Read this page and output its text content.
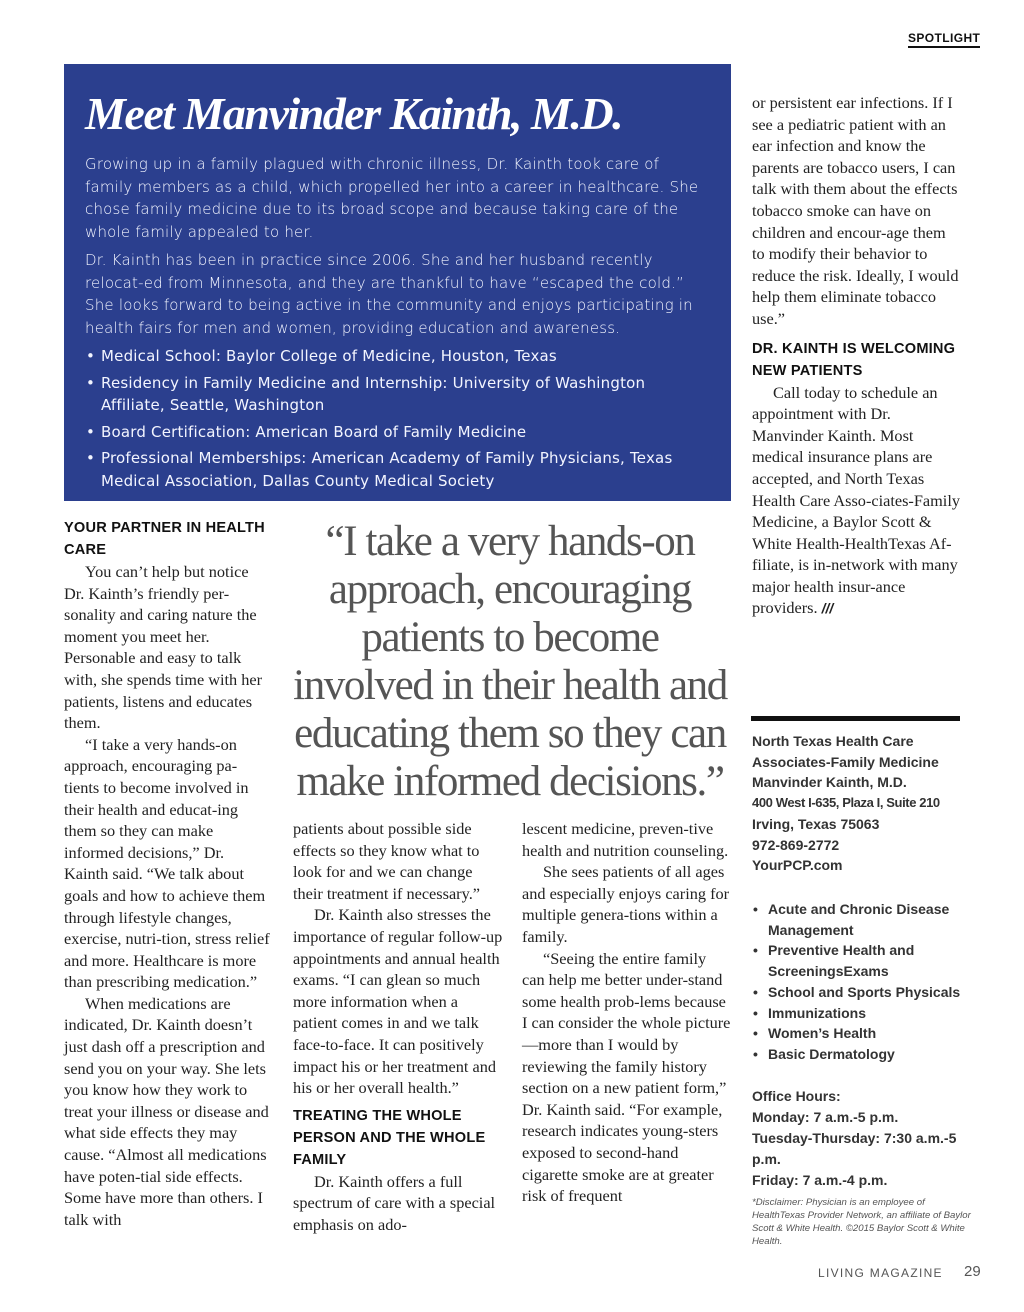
SPOTLIGHT
Meet Manvinder Kainth, M.D.

Growing up in a family plagued with chronic illness, Dr. Kainth took care of family members as a child, which propelled her into a career in healthcare. She chose family medicine due to its broad scope and because taking care of the whole family appealed to her.

Dr. Kainth has been in practice since 2006. She and her husband recently relocat-ed from Minnesota, and they are thankful to have “escaped the cold.” She looks forward to being active in the community and enjoys participating in health fairs for men and women, providing education and awareness.

• Medical School: Baylor College of Medicine, Houston, Texas
• Residency in Family Medicine and Internship: University of Washington Affiliate, Seattle, Washington
• Board Certification: American Board of Family Medicine
• Professional Memberships: American Academy of Family Physicians, Texas Medical Association, Dallas County Medical Society
YOUR PARTNER IN HEALTH CARE

You can’t help but notice Dr. Kainth’s friendly per-sonality and caring nature the moment you meet her. Personable and easy to talk with, she spends time with her patients, listens and educates them.

“I take a very hands-on approach, encouraging pa-tients to become involved in their health and educat-ing them so they can make informed decisions,” Dr. Kainth said. “We talk about goals and how to achieve them through lifestyle changes, exercise, nutri-tion, stress relief and more. Healthcare is more than prescribing medication.”

When medications are indicated, Dr. Kainth doesn’t just dash off a prescription and send you on your way. She lets you know how they work to treat your illness or disease and what side effects they may cause. “Almost all medications have poten-tial side effects. Some have more than others. I talk with

“I take a very hands-on approach, encouraging patients to become involved in their health and educating them so they can make informed decisions.”

patients about possible side effects so they know what to look for and we can change their treatment if necessary.”

Dr. Kainth also stresses the importance of regular follow-up appointments and annual health exams. “I can glean so much more information when a patient comes in and we talk face-to-face. It can positively impact his or her treatment and his or her overall health.”

TREATING THE WHOLE PERSON AND THE WHOLE FAMILY

Dr. Kainth offers a full spectrum of care with a special emphasis on ado-

lescent medicine, preven-tive health and nutrition counseling.

She sees patients of all ages and especially enjoys caring for multiple genera-tions within a family.

“Seeing the entire family can help me better under-stand some health prob-lems because I can consider the whole picture—more than I would by reviewing the family history section on a new patient form,” Dr. Kainth said. “For example, research indicates young-sters exposed to second-hand cigarette smoke are at greater risk of frequent

or persistent ear infections. If I see a pediatric patient with an ear infection and know the parents are tobacco users, I can talk with them about the effects tobacco smoke can have on children and encour-age them to modify their behavior to reduce the risk. Ideally, I would help them eliminate tobacco use.”

DR. KAINTH IS WELCOMING NEW PATIENTS

Call today to schedule an appointment with Dr. Manvinder Kainth. Most medical insurance plans are accepted, and North Texas Health Care Asso-ciates-Family Medicine, a Baylor Scott & White Health-HealthTexas Af-filiate, is in-network with many major health insur-ance providers. ///

North Texas Health Care
Associates-Family Medicine
Manvinder Kainth, M.D.
400 West I-635, Plaza I, Suite 210
Irving, Texas 75063
972-869-2772
YourPCP.com
• Acute and Chronic Disease Management
• Preventive Health and ScreeningsExams
• School and Sports Physicals
• Immunizations
• Women’s Health
• Basic Dermatology
Office Hours:
Monday: 7 a.m.-5 p.m.
Tuesday-Thursday: 7:30 a.m.-5 p.m.
Friday: 7 a.m.-4 p.m.
*Disclaimer: Physician is an employee of HealthTexas Provider Network, an affiliate of Baylor Scott & White Health. ©2015 Baylor Scott & White Health.
LIVING MAGAZINE 29
